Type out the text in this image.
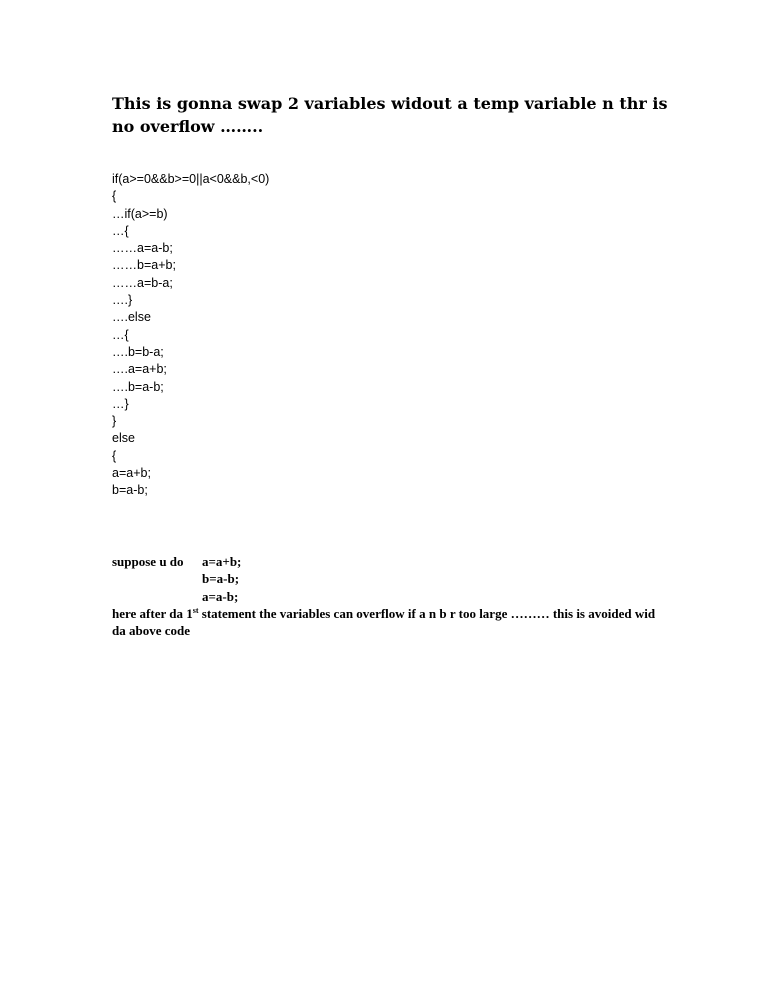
This is gonna swap 2 variables widout a temp variable n thr is no overflow ……..
if(a>=0&&b>=0||a<0&&b,<0)
{
…if(a>=b)
…{
……a=a-b;
……b=a+b;
……a=b-a;
….}
….else
…{
….b=b-a;
….a=a+b;
….b=a-b;
…}
}
else
{
a=a+b;
b=a-b;
suppose u do a=a+b;
b=a-b;
a=a-b;
here after da 1st statement the variables can overflow if a n b r too large ……… this is avoided wid da above code
